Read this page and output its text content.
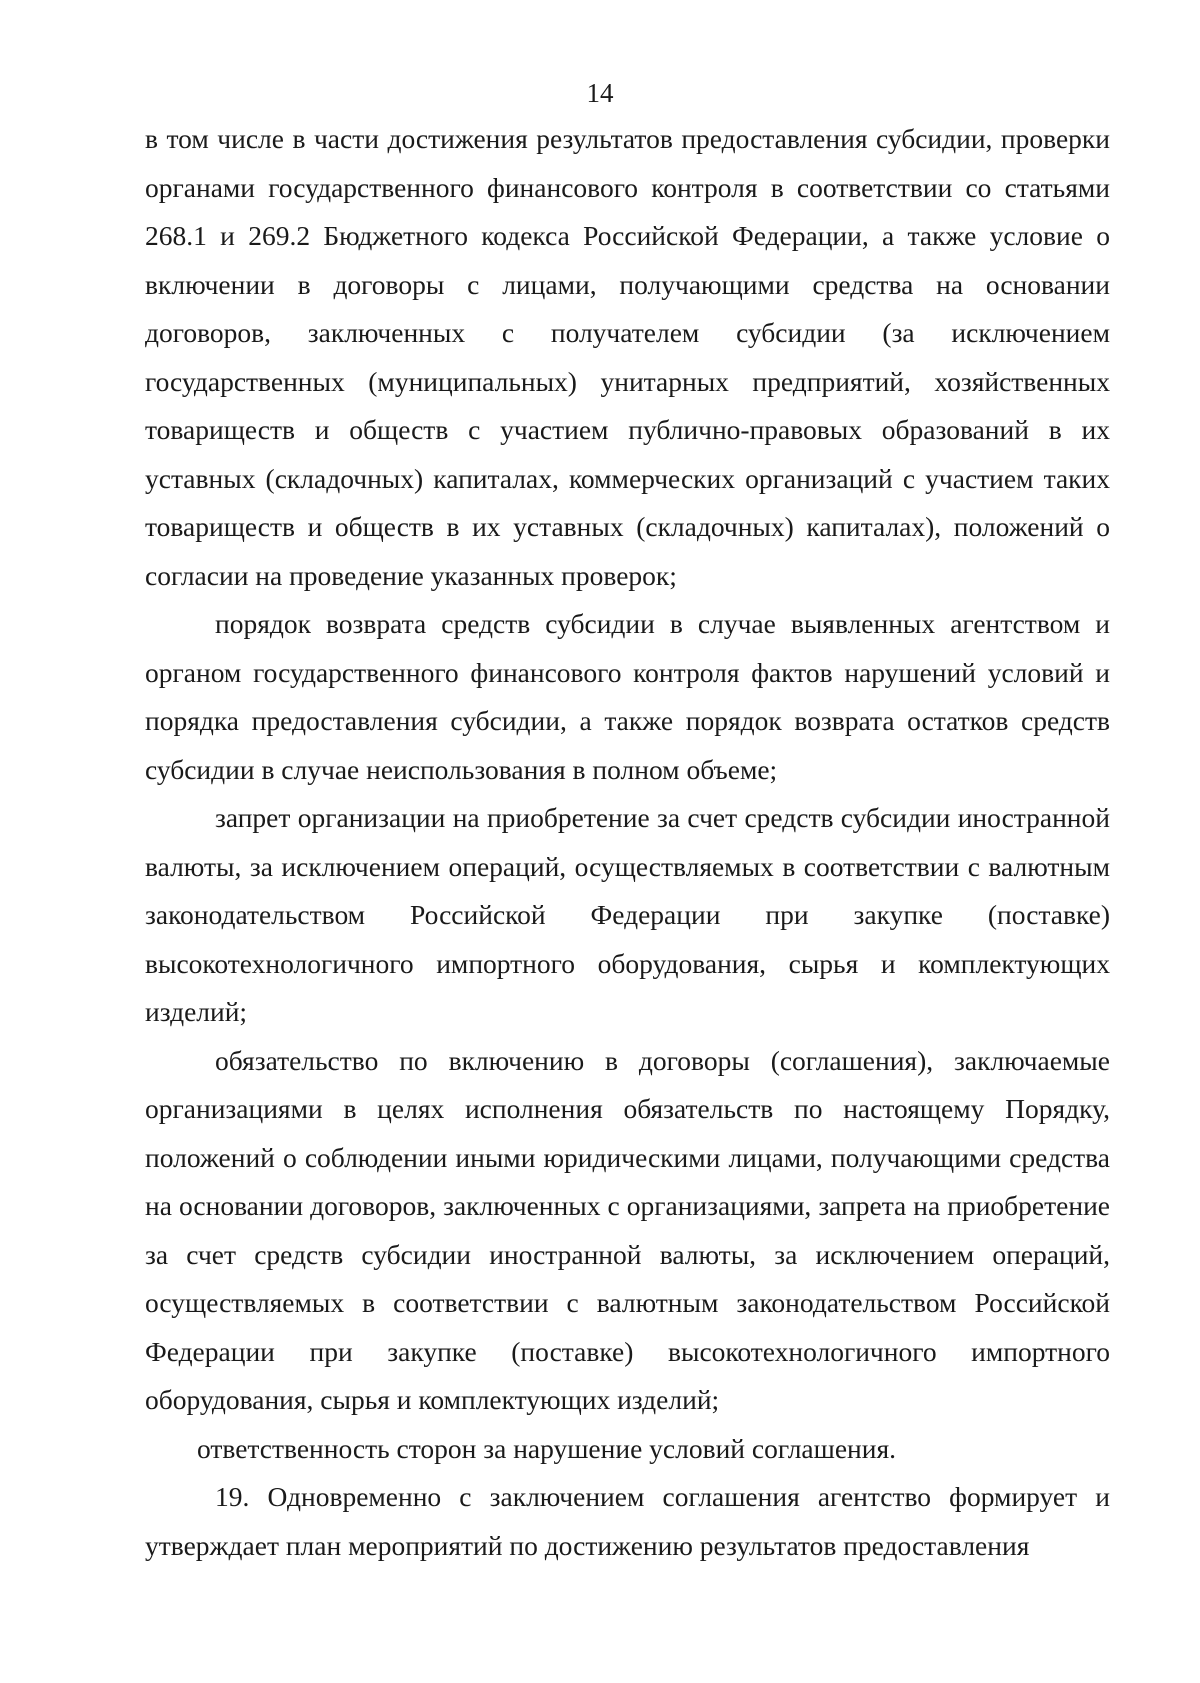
14

в том числе в части достижения результатов предоставления субсидии, проверки органами государственного финансового контроля в соответствии со статьями 268.1 и 269.2 Бюджетного кодекса Российской Федерации, а также условие о включении в договоры с лицами, получающими средства на основании договоров, заключенных с получателем субсидии (за исключением государственных (муниципальных) унитарных предприятий, хозяйственных товариществ и обществ с участием публично-правовых образований в их уставных (складочных) капиталах, коммерческих организаций с участием таких товариществ и обществ в их уставных (складочных) капиталах), положений о согласии на проведение указанных проверок;

порядок возврата средств субсидии в случае выявленных агентством и органом государственного финансового контроля фактов нарушений условий и порядка предоставления субсидии, а также порядок возврата остатков средств субсидии в случае неиспользования в полном объеме;

запрет организации на приобретение за счет средств субсидии иностранной валюты, за исключением операций, осуществляемых в соответствии с валютным законодательством Российской Федерации при закупке (поставке) высокотехнологичного импортного оборудования, сырья и комплектующих изделий;

обязательство по включению в договоры (соглашения), заключаемые организациями в целях исполнения обязательств по настоящему Порядку, положений о соблюдении иными юридическими лицами, получающими средства на основании договоров, заключенных с организациями, запрета на приобретение за счет средств субсидии иностранной валюты, за исключением операций, осуществляемых в соответствии с валютным законодательством Российской Федерации при закупке (поставке) высокотехнологичного импортного оборудования, сырья и комплектующих изделий;

ответственность сторон за нарушение условий соглашения.

19. Одновременно с заключением соглашения агентство формирует и утверждает план мероприятий по достижению результатов предоставления
